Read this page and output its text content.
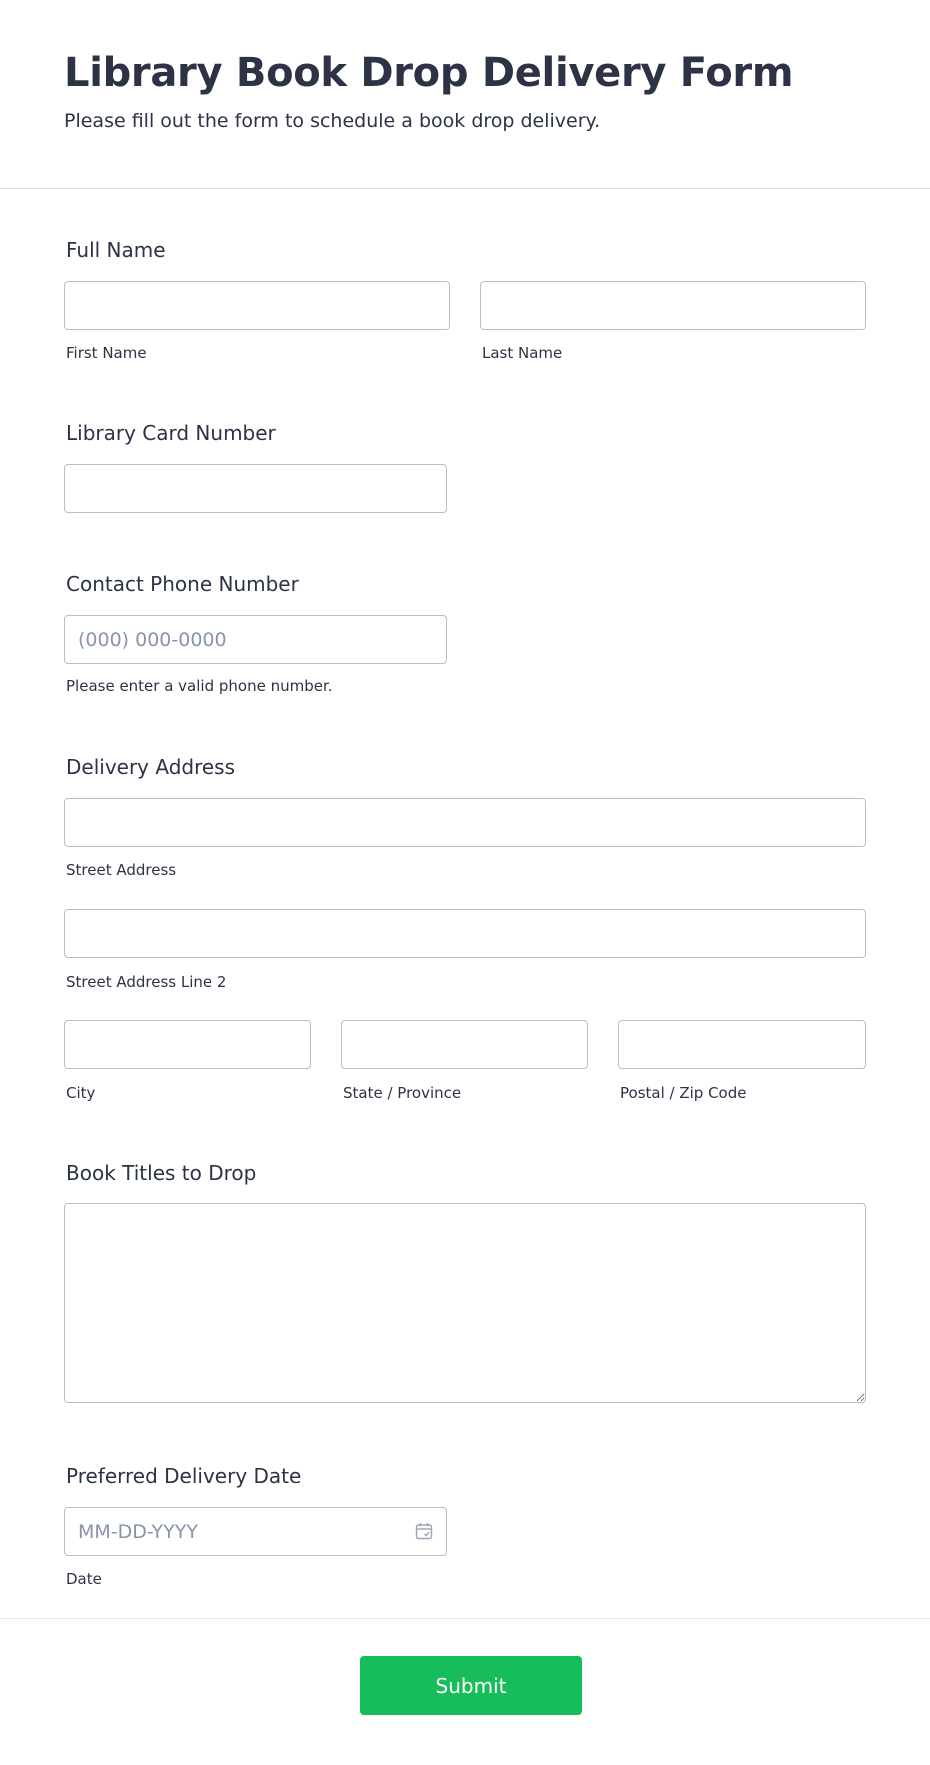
Library Book Drop Delivery Form
Please fill out the form to schedule a book drop delivery.
Full Name
First Name	Last Name
Library Card Number
Contact Phone Number
(000) 000-0000
Please enter a valid phone number.
Delivery Address
Street Address
Street Address Line 2
City	State / Province	Postal / Zip Code
Book Titles to Drop
Preferred Delivery Date
MM-DD-YYYY
Date
Submit
